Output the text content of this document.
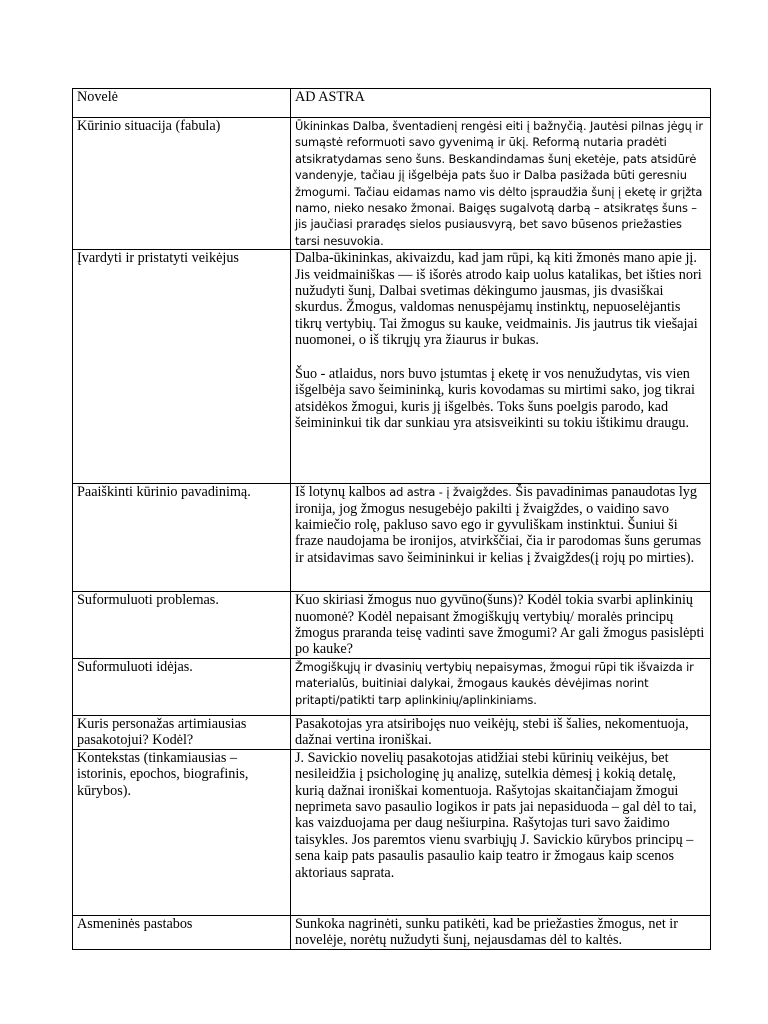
Novelė	AD ASTRA
Kūrinio situacija (fabula)	Ūkininkas Dalba, šventadienį rengėsi eiti į bažnyčią. Jautėsi pilnas jėgų ir sumąstė reformuoti savo gyvenimą ir ūkį. Reformą nutaria pradėti atsikratydamas seno šuns. Beskandindamas šunį eketėje, pats atsidūrė vandenyje, tačiau jį išgelbėja pats šuo ir Dalba pasižada būti geresniu žmogumi. Tačiau eidamas namo vis dėlto įspraudžia šunį į eketę ir grįžta namo, nieko nesako žmonai. Baigęs sugalvotą darbą – atsikratęs šuns – jis jaučiasi praradęs sielos pusiausvyrą, bet savo būsenos priežasties tarsi nesuvokia.
Įvardyti ir pristatyti veikėjus	Dalba-ūkininkas, akivaizdu, kad jam rūpi, ką kiti žmonės mano apie jį. Jis veidmainiškas — iš išorės atrodo kaip uolus katalikas, bet išties nori nužudyti šunį, Dalbai svetimas dėkingumo jausmas, jis dvasiškai skurdus. Žmogus, valdomas nenuspėjamų instinktų, nepuoselėjantis tikrų vertybių. Tai žmogus su kauke, veidmainis. Jis jautrus tik viešajai nuomonei, o iš tikrųjų yra žiaurus ir bukas.

Šuo - atlaidus, nors buvo įstumtas į eketę ir vos nenužudytas, vis vien išgelbėja savo šeimininką, kuris kovodamas su mirtimi sako, jog tikrai atsidėkos žmogui, kuris jį išgelbės. Toks šuns poelgis parodo, kad šeimininkui tik dar sunkiau yra atsisveikinti su tokiu ištikimu draugu.

Paaiškinti kūrinio pavadinimą.	Iš lotynų kalbos ad astra - į žvaigždes. Šis pavadinimas panaudotas lyg ironija, jog žmogus nesugebėjo pakilti į žvaigždes, o vaidino savo kaimiečio rolę, pakluso savo ego ir gyvuliškam instinktui. Šuniui ši fraze naudojama be ironijos, atvirkščiai, čia ir parodomas šuns gerumas ir atsidavimas savo šeimininkui ir kelias į žvaigždes(į rojų po mirties).
Suformuluoti problemas.	Kuo skiriasi žmogus nuo gyvūno(šuns)? Kodėl tokia svarbi aplinkinių nuomonė? Kodėl nepaisant žmogiškųjų vertybių/ moralės principų žmogus praranda teisę vadinti save žmogumi? Ar gali žmogus pasislėpti po kauke?
Suformuluoti idėjas.	Žmogiškųjų ir dvasinių vertybių nepaisymas, žmogui rūpi tik išvaizda ir materialūs, buitiniai dalykai, žmogaus kaukės dėvėjimas norint pritapti/patikti tarp aplinkinių/aplinkiniams.
Kuris personažas artimiausias pasakotojui? Kodėl?	Pasakotojas yra atsiribojęs nuo veikėjų, stebi iš šalies, nekomentuoja, dažnai vertina ironiškai.
Kontekstas (tinkamiausias – istorinis, epochos, biografinis, kūrybos).	J. Savickio novelių pasakotojas atidžiai stebi kūrinių veikėjus, bet nesileidžia į psichologinę jų analizę, sutelkia dėmesį į kokią detalę, kurią dažnai ironiškai komentuoja. Rašytojas skaitančiajam žmogui neprimeta savo pasaulio logikos ir pats jai nepasiduoda – gal dėl to tai, kas vaizduojama per daug nešiurpina. Rašytojas turi savo žaidimo taisykles. Jos paremtos vienu svarbiųjų J. Savickio kūrybos principų – sena kaip pats pasaulis pasaulio kaip teatro ir žmogaus kaip scenos aktoriaus saprata.
Asmeninės pastabos	Sunkoka nagrinėti, sunku patikėti, kad be priežasties žmogus, net ir novelėje, norėtų nužudyti šunį, nejausdamas dėl to kaltės.
